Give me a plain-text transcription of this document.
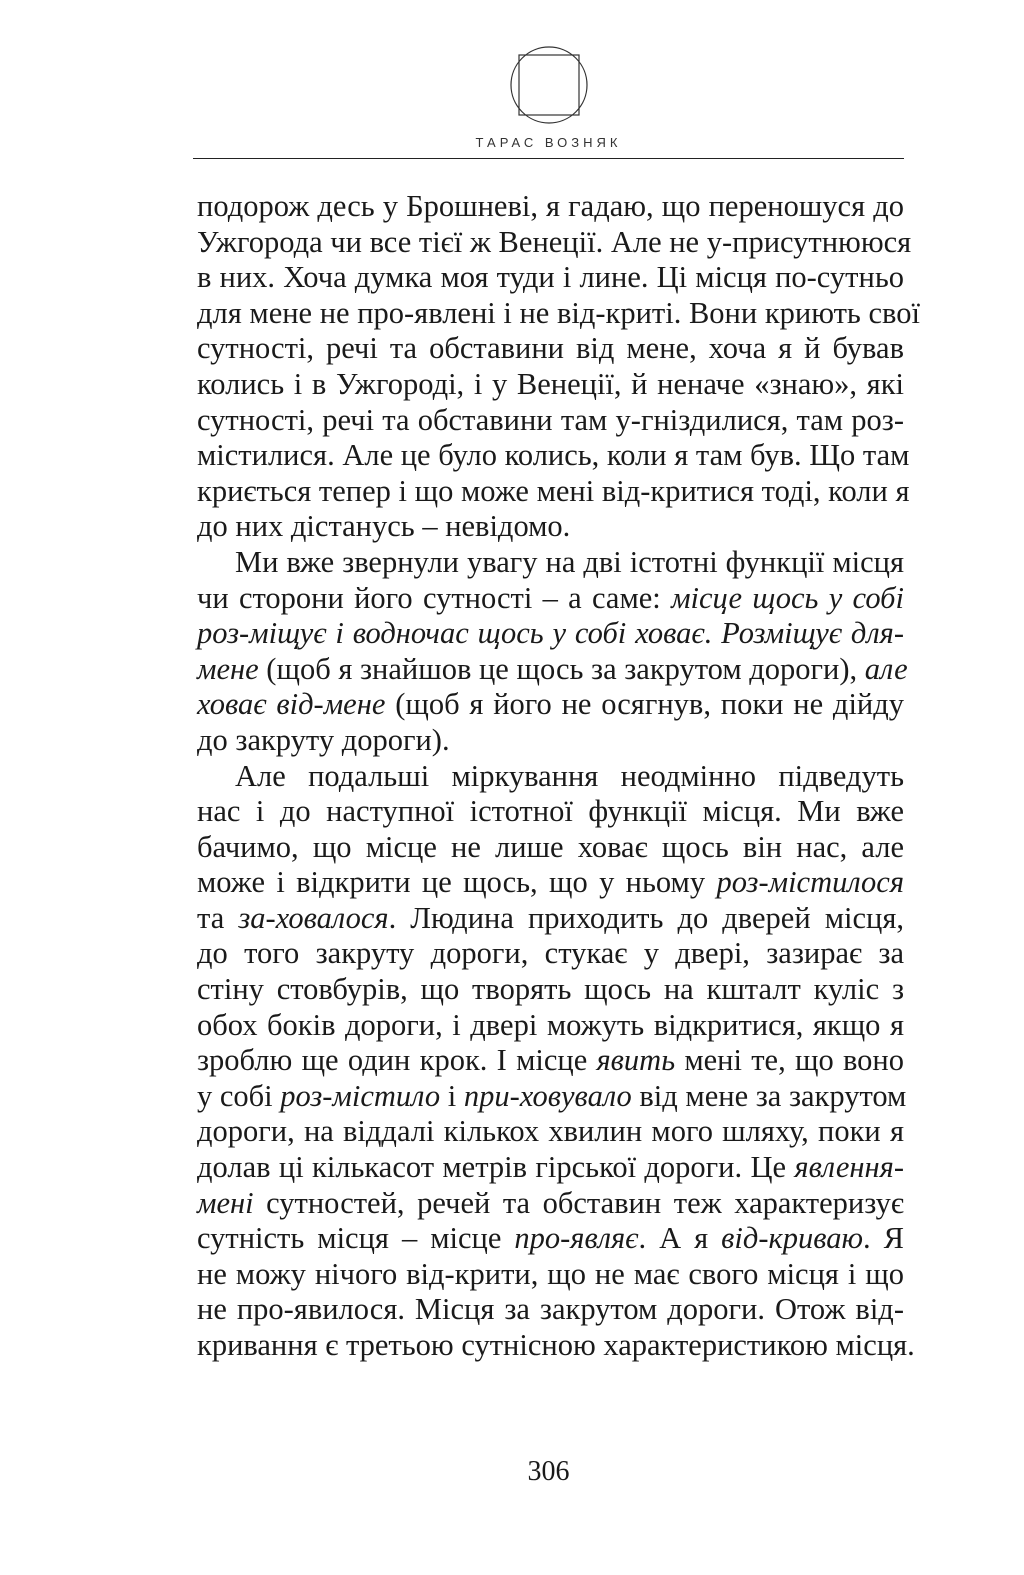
ТАРАС ВОЗНЯК
подорож десь у Брошневі, я гадаю, що переношуся до
Ужгорода чи все тієї ж Венеції. Але не у-присутнююся
в них. Хоча думка моя туди і лине. Ці місця по-сутньо
для мене не про-явлені і не від-криті. Вони криють свої
сутності, речі та обставини від мене, хоча я й бував
колись і в Ужгороді, і у Венеції, й неначе «знаю», які
сутності, речі та обставини там у-гніздилися, там роз-
містилися. Але це було колись, коли я там був. Що там
криється тепер і що може мені від-критися тоді, коли я
до них дістанусь – невідомо.
Ми вже звернули увагу на дві істотні функції місця
чи сторони його сутності – а саме: місце щось у собі
роз-міщує і водночас щось у собі ховає. Розміщує для-
мене (щоб я знайшов це щось за закрутом дороги), але
ховає від-мене (щоб я його не осягнув, поки не дійду
до закруту дороги).
Але подальші міркування неодмінно підведуть
нас і до наступної істотної функції місця. Ми вже
бачимо, що місце не лише ховає щось він нас, але
може і відкрити це щось, що у ньому роз-містилося
та за-ховалося. Людина приходить до дверей місця,
до того закруту дороги, стукає у двері, зазирає за
стіну стовбурів, що творять щось на кшталт куліс з
обох боків дороги, і двері можуть відкритися, якщо я
зроблю ще один крок. І місце явить мені те, що воно
у собі роз-містило і при-ховувало від мене за закрутом
дороги, на віддалі кількох хвилин мого шляху, поки я
долав ці кількасот метрів гірської дороги. Це явлення-
мені сутностей, речей та обставин теж характеризує
сутність місця – місце про-являє. А я від-криваю. Я
не можу нічого від-крити, що не має свого місця і що
не про-явилося. Місця за закрутом дороги. Отож від-
кривання є третьою сутнісною характеристикою місця.
306
